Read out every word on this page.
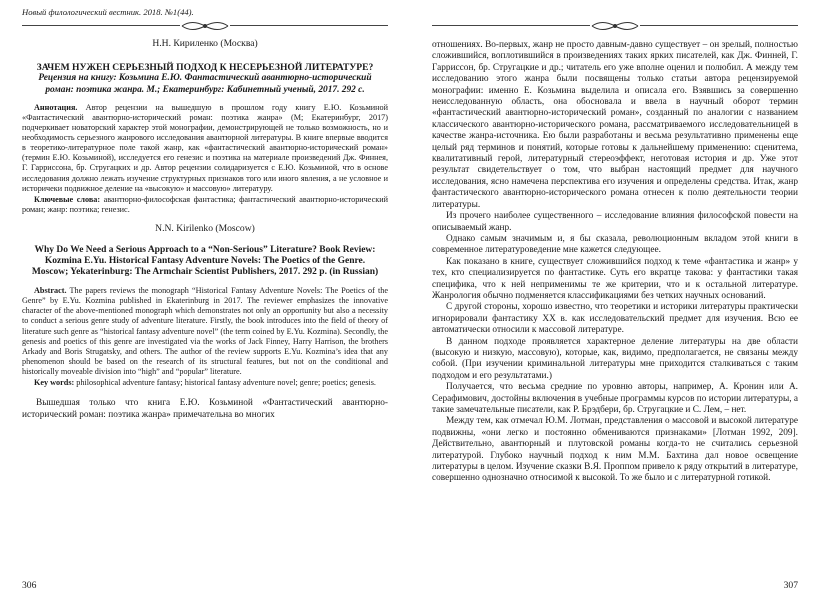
Новый филологический вестник. 2018. №1(44).

Н.Н. Кириленко (Москва)

ЗАЧЕМ НУЖЕН СЕРЬЕЗНЫЙ ПОДХОД К НЕСЕРЬЕЗНОЙ ЛИТЕРАТУРЕ?

Рецензия на книгу: Козьмина Е.Ю. Фантастический авантюрно-исторический роман: поэтика жанра. М.; Екатеринбург: Кабинетный ученый, 2017. 292 с.

Аннотация. Автор рецензии на вышедшую в прошлом году книгу Е.Ю. Козьминой «Фантастический авантюрно-исторический роман: поэтика жанра» (М; Екатеринбург, 2017) подчеркивает новаторский характер этой монографии, демонстрирующей не только возможность, но и необходимость серьезного жанрового исследования авантюрной литературы. В книге впервые вводится в теоретико-литературное поле такой жанр, как «фантастический авантюрно-исторический роман» (термин Е.Ю. Козьминой), исследуется его генезис и поэтика на материале произведений Дж. Финнея, Г. Гаррисcона, бр. Стругацких и др. Автор рецензии солидаризуется с Е.Ю. Козьминой, что в основе исследования должно лежать изучение структурных признаков того или иного явления, а не условное и историчеки подвижное деление на «высокую» и массовую» литературу.

Ключевые слова: авантюрно-философская фантастика; фантастический авантюрно-исторический роман; жанр: поэтика; генезис.

N.N. Kirilenko (Moscow)

Why Do We Need a Serious Approach to a “Non-Serious” Literature? Book Review: Kozmina E.Yu. Historical Fantasy Adventure Novels: The Poetics of the Genre. Moscow; Yekaterinburg: The Armchair Scientist Publishers, 2017. 292 p. (in Russian)

Abstract. The papers reviews the monograph “Historical Fantasy Adventure Novels: The Poetics of the Genre” by E.Yu. Kozmina published in Ekaterinburg in 2017. The reviewer emphasizes the innovative character of the above-mentioned monograph which demonstrates not only an opportunity but also a necessity to conduct a serious genre study of adventure literature. Firstly, the book introduces into the field of theory of literature such genre as “historical fantasy adventure novel” (the term coined by E.Yu. Kozmina). Secondly, the genesis and poetics of this genre are investigated via the works of Jack Finney, Harry Harrison, the brothers Arkady and Boris Strugatsky, and others. The author of the review supports E.Yu. Kozmina’s idea that any phenomenon should be based on the research of its structural features, but not on the conditional and historically moveable division into “high” and “popular” literature.

Key words: philosophical adventure fantasy; historical fantasy adventure novel; genre; poetics; genesis.

Вышедшая только что книга Е.Ю. Козьминой «Фантастический авантюрно-исторический роман: поэтика жанра» примечательна во многих

306

отношениях. Во-первых, жанр не просто давным-давно существует – он зрелый, полностью сложившийся, воплотившийся в произведениях таких ярких писателей, как Дж. Финней, Г. Гаррисcон, бр. Стругацкие и др.; читатель его уже вполне оценил и полюбил. А между тем исследованию этого жанра были посвящены только статьи автора рецензируемой монографии: именно Е. Козьмина выделила и описала его. Взявшись за совершенно неисследованную область, она обосновала и ввела в научный оборот термин «фантастический авантюрно-исторический роман», созданный по аналогии с названием классического авантюрно-исторического романа, рассматриваемого исследовательницей в качестве жанра-источника. Ею были разработаны и весьма результативно применены еще целый ряд терминов и понятий, которые готовы к дальнейшему применению: сценитема, квалитативный герой, литературный стереоэффект, неготовая история и др. Уже этот результат свидетельствует о том, что выбран настоящий предмет для научного исследования, ясно намечена перспектива его изучения и определены средства. Итак, жанр фантастического авантюрно-исторического романа отнесен к полю деятельности теории литературы.

Из прочего наиболее существенного – исследование влияния философской повести на описываемый жанр.

Однако самым значимым и, я бы сказала, революционным вкладом этой книги в современное литературоведение мне кажется следующее.

Как показано в книге, существует сложившийся подход к теме «фантастика и жанр» у тех, кто специализируется по фантастике. Суть его вкратце такова: у фантастики такая специфика, что к ней неприменимы те же критерии, что и к остальной литературе. Жанрология обычно подменяется классификациями без четких научных оснований.

С другой стороны, хорошо известно, что теоретики и историки литературы практически игнорировали фантастику ХХ в. как исследовательский предмет для изучения. Всю ее автоматически относили к массовой литературе.

В данном подходе проявляется характерное деление литературы на две области (высокую и низкую, массовую), которые, как, видимо, предполагается, не связаны между собой. (При изучении криминальной литературы мне приходится сталкиваться с таким подходом и его результатами.)

Получается, что весьма средние по уровню авторы, например, А. Кронин или А. Серафимович, достойны включения в учебные программы курсов по истории литературы, а такие замечательные писатели, как Р. Брэдбери, бр. Стругацкие и С. Лем, – нет.

Между тем, как отмечал Ю.М. Лотман, представления о массовой и высокой литературе подвижны, «они легко и постоянно обмениваются признаками» [Лотман 1992, 209]. Действительно, авантюрный и плутовской романы когда-то не считались серьезной литературой. Глубоко научный подход к ним М.М. Бахтина дал новое освещение литературы в целом. Изучение сказки В.Я. Проппом привело к ряду открытий в литературе, совершенно однозначно относимой к высокой. То же было и с литературной готикой.

307
